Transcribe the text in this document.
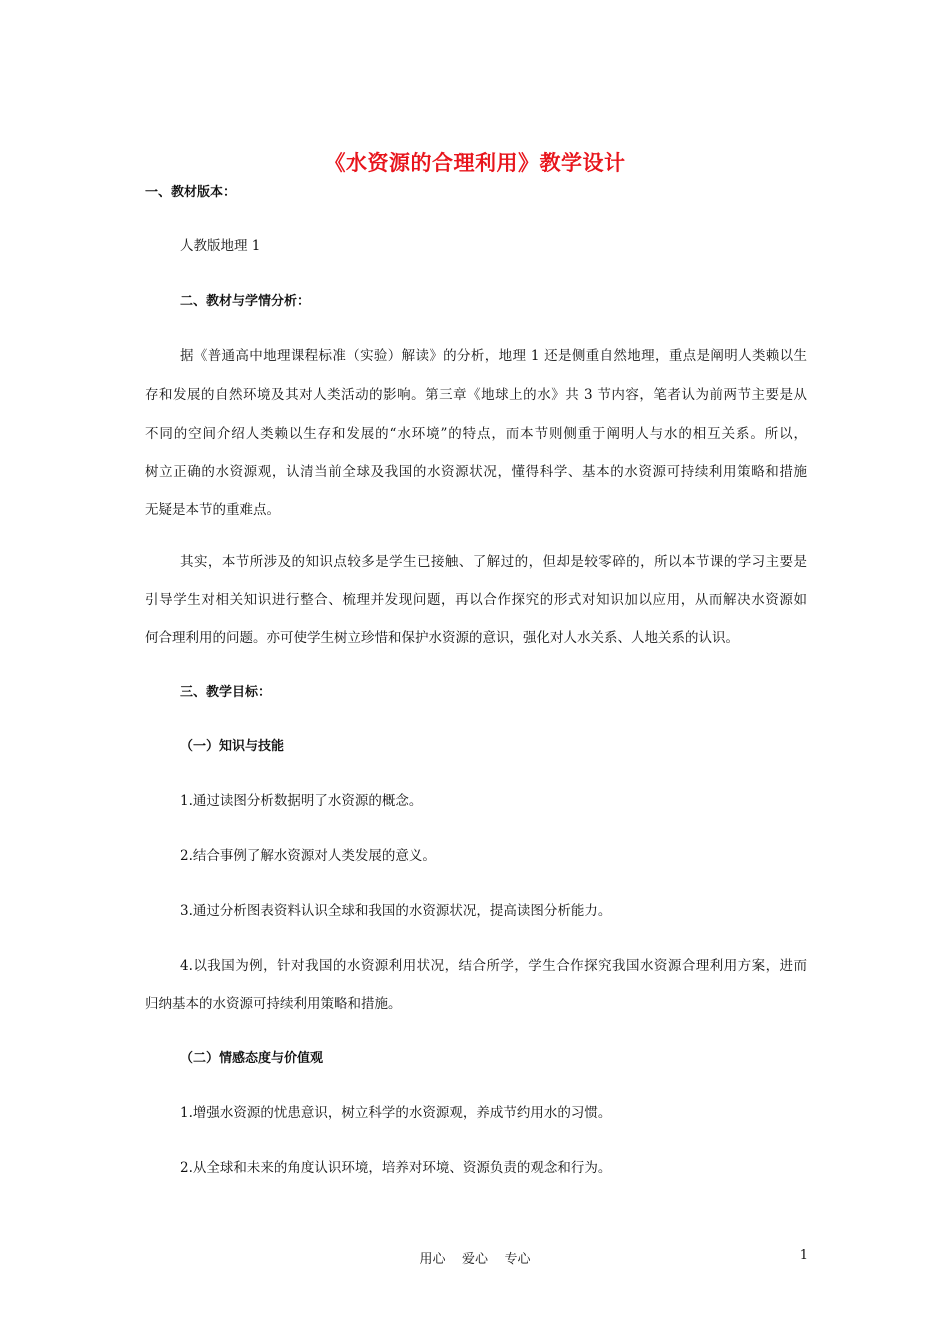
《水资源的合理利用》教学设计
一、教材版本：
人教版地理 1
二、教材与学情分析：
据《普通高中地理课程标准（实验）解读》的分析，地理 1 还是侧重自然地理，重点是阐明人类赖以生
存和发展的自然环境及其对人类活动的影响。第三章《地球上的水》共 3 节内容，笔者认为前两节主要是从
不同的空间介绍人类赖以生存和发展的“水环境”的特点，而本节则侧重于阐明人与水的相互关系。所以，
树立正确的水资源观，认清当前全球及我国的水资源状况，懂得科学、基本的水资源可持续利用策略和措施
无疑是本节的重难点。
其实，本节所涉及的知识点较多是学生已接触、了解过的，但却是较零碎的，所以本节课的学习主要是
引导学生对相关知识进行整合、梳理并发现问题，再以合作探究的形式对知识加以应用，从而解决水资源如
何合理利用的问题。亦可使学生树立珍惜和保护水资源的意识，强化对人水关系、人地关系的认识。
三、教学目标：
（一）知识与技能
1.通过读图分析数据明了水资源的概念。
2.结合事例了解水资源对人类发展的意义。
3.通过分析图表资料认识全球和我国的水资源状况，提高读图分析能力。
4.以我国为例，针对我国的水资源利用状况，结合所学，学生合作探究我国水资源合理利用方案，进而
归纳基本的水资源可持续利用策略和措施。
（二）情感态度与价值观
1.增强水资源的忧患意识，树立科学的水资源观，养成节约用水的习惯。
2.从全球和未来的角度认识环境，培养对环境、资源负责的观念和行为。
用心    爱心    专心	1
